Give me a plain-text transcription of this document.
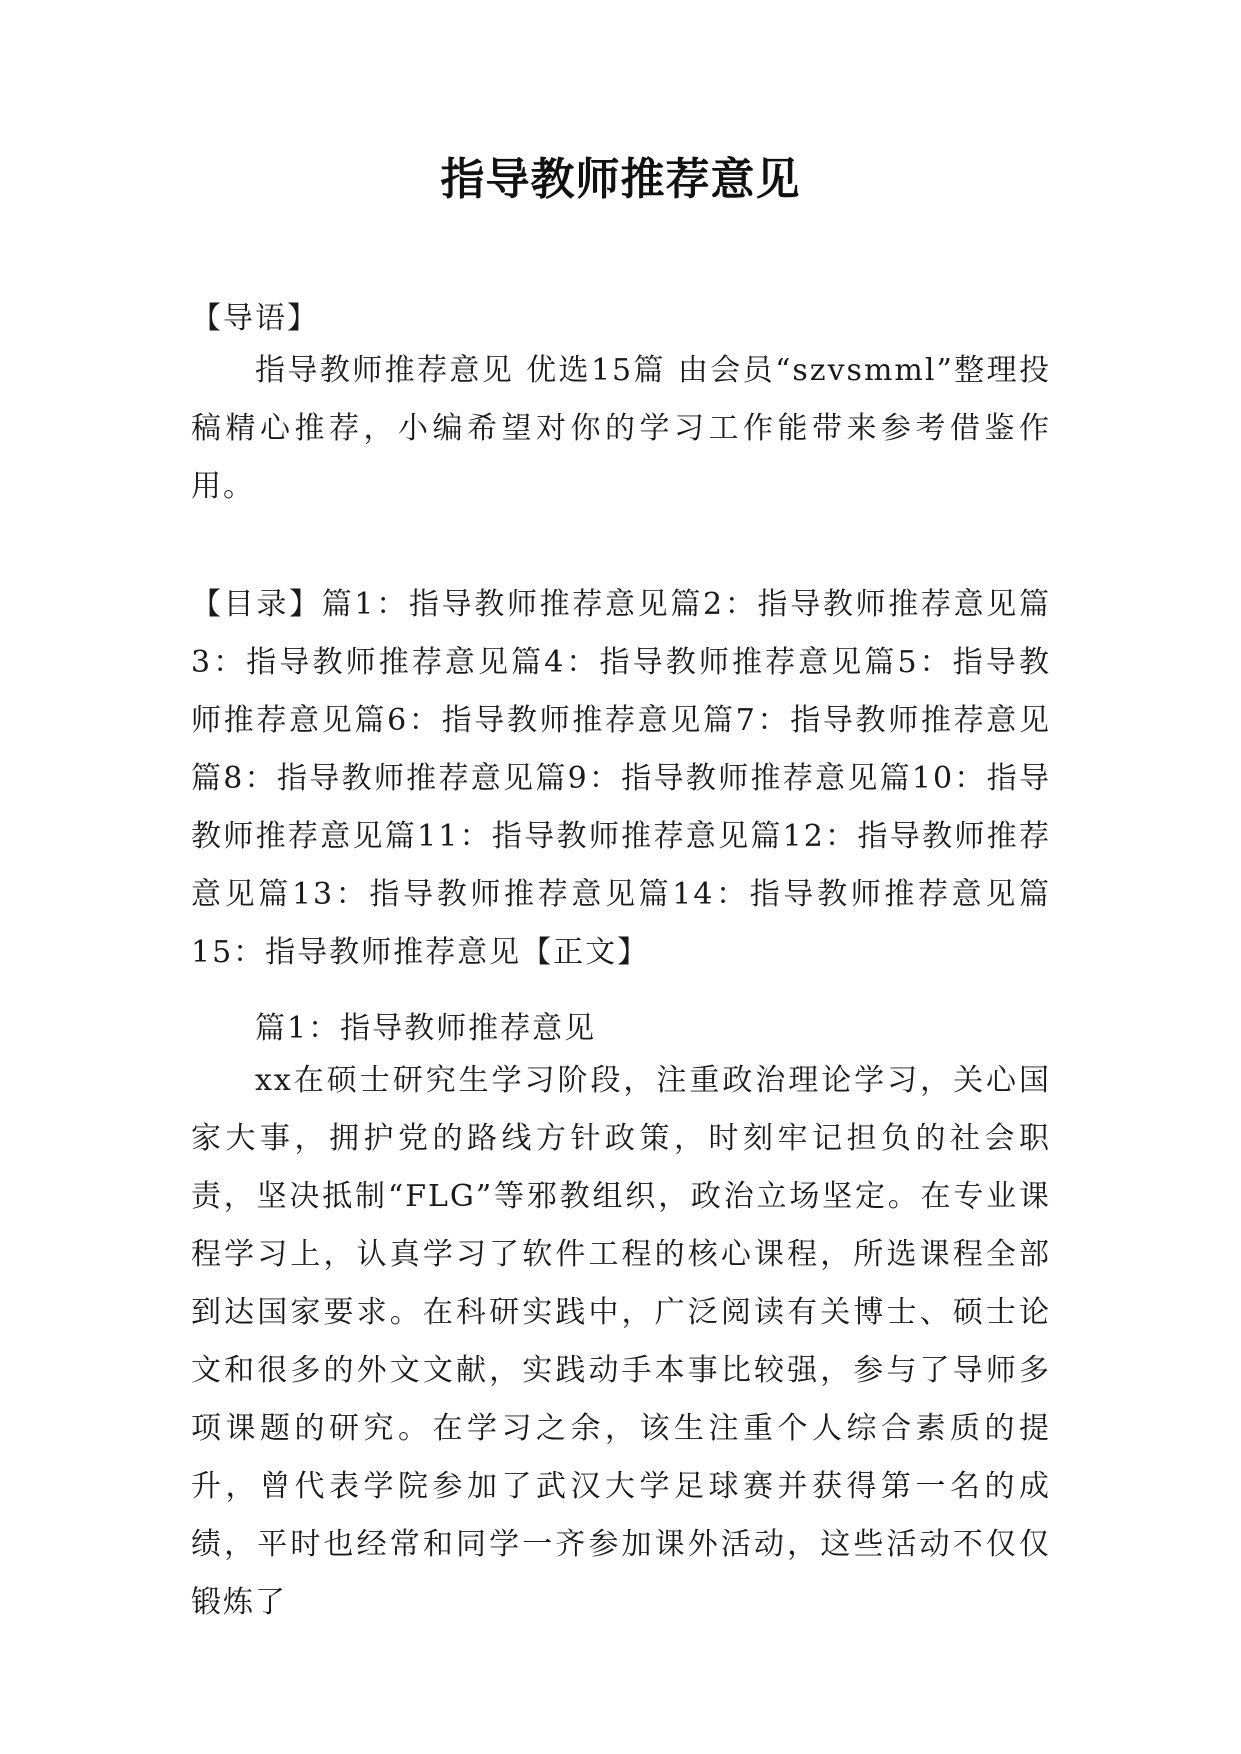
指导教师推荐意见

【导语】

指导教师推荐意见 优选15篇 由会员“szvsmml”整理投稿精心推荐，小编希望对你的学习工作能带来参考借鉴作用。

【目录】篇1：指导教师推荐意见篇2：指导教师推荐意见篇3：指导教师推荐意见篇4：指导教师推荐意见篇5：指导教师推荐意见篇6：指导教师推荐意见篇7：指导教师推荐意见篇8：指导教师推荐意见篇9：指导教师推荐意见篇10：指导教师推荐意见篇11：指导教师推荐意见篇12：指导教师推荐意见篇13：指导教师推荐意见篇14：指导教师推荐意见篇15：指导教师推荐意见【正文】

篇1：指导教师推荐意见

xx在硕士研究生学习阶段，注重政治理论学习，关心国家大事，拥护党的路线方针政策，时刻牢记担负的社会职责，坚决抵制“FLG”等邪教组织，政治立场坚定。在专业课程学习上，认真学习了软件工程的核心课程，所选课程全部到达国家要求。在科研实践中，广泛阅读有关博士、硕士论文和很多的外文文献，实践动手本事比较强，参与了导师多项课题的研究。在学习之余，该生注重个人综合素质的提升，曾代表学院参加了武汉大学足球赛并获得第一名的成绩，平时也经常和同学一齐参加课外活动，这些活动不仅仅锻炼了
